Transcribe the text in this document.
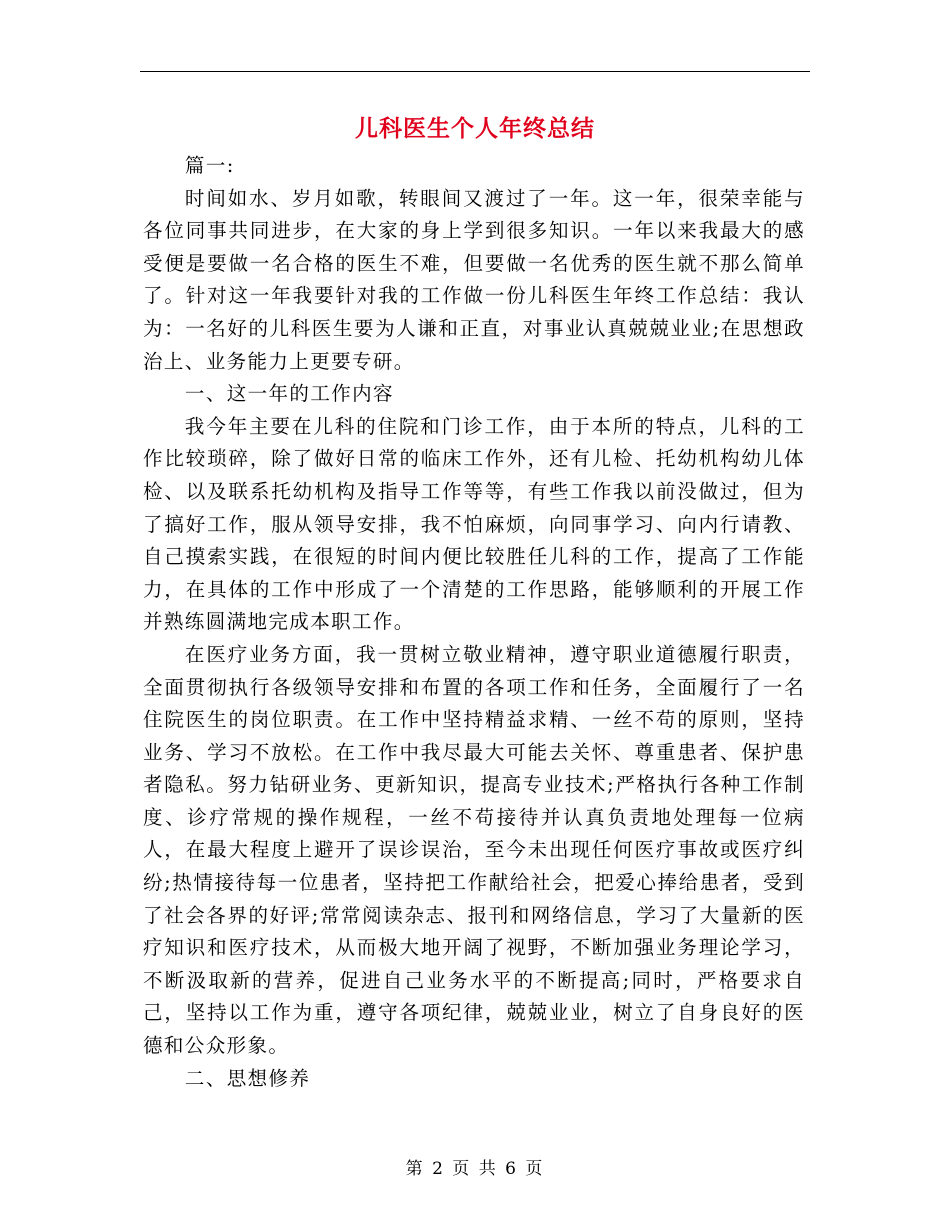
儿科医生个人年终总结

篇一:

时间如水、岁月如歌，转眼间又渡过了一年。这一年，很荣幸能与各位同事共同进步，在大家的身上学到很多知识。一年以来我最大的感受便是要做一名合格的医生不难，但要做一名优秀的医生就不那么简单了。针对这一年我要针对我的工作做一份儿科医生年终工作总结：我认为：一名好的儿科医生要为人谦和正直，对事业认真兢兢业业;在思想政治上、业务能力上更要专研。

一、这一年的工作内容

我今年主要在儿科的住院和门诊工作，由于本所的特点，儿科的工作比较琐碎，除了做好日常的临床工作外，还有儿检、托幼机构幼儿体检、以及联系托幼机构及指导工作等等，有些工作我以前没做过，但为了搞好工作，服从领导安排，我不怕麻烦，向同事学习、向内行请教、自己摸索实践，在很短的时间内便比较胜任儿科的工作，提高了工作能力，在具体的工作中形成了一个清楚的工作思路，能够顺利的开展工作并熟练圆满地完成本职工作。

在医疗业务方面，我一贯树立敬业精神，遵守职业道德履行职责，全面贯彻执行各级领导安排和布置的各项工作和任务，全面履行了一名住院医生的岗位职责。在工作中坚持精益求精、一丝不苟的原则，坚持业务、学习不放松。在工作中我尽最大可能去关怀、尊重患者、保护患者隐私。努力钻研业务、更新知识，提高专业技术;严格执行各种工作制度、诊疗常规的操作规程，一丝不苟接待并认真负责地处理每一位病人，在最大程度上避开了误诊误治，至今未出现任何医疗事故或医疗纠纷;热情接待每一位患者，坚持把工作献给社会，把爱心捧给患者，受到了社会各界的好评;常常阅读杂志、报刊和网络信息，学习了大量新的医疗知识和医疗技术，从而极大地开阔了视野，不断加强业务理论学习，不断汲取新的营养，促进自己业务水平的不断提高;同时，严格要求自己，坚持以工作为重，遵守各项纪律，兢兢业业，树立了自身良好的医德和公众形象。

二、思想修养

第 2 页 共 6 页
